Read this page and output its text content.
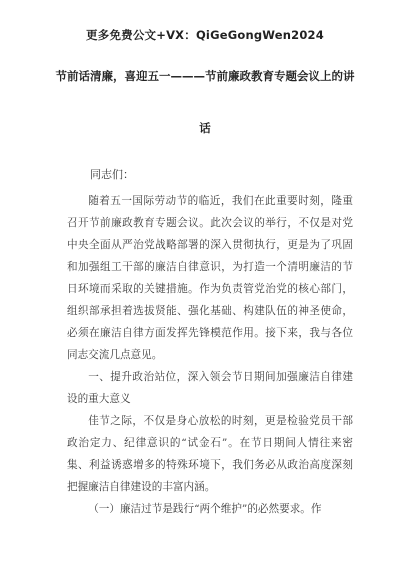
更多免费公文+VX：QiGeGongWen2024
节前话清廉，喜迎五一———节前廉政教育专题会议上的讲
话
同志们：

随着五一国际劳动节的临近，我们在此重要时刻，隆重召开节前廉政教育专题会议。此次会议的举行，不仅是对党中央全面从严治党战略部署的深入贯彻执行，更是为了巩固和加强组工干部的廉洁自律意识，为打造一个清明廉洁的节日环境而采取的关键措施。作为负责管党治党的核心部门，组织部承担着选拔贤能、强化基础、构建队伍的神圣使命，必须在廉洁自律方面发挥先锋模范作用。接下来，我与各位同志交流几点意见。

一、提升政治站位，深入领会节日期间加强廉洁自律建设的重大意义

佳节之际，不仅是身心放松的时刻，更是检验党员干部政治定力、纪律意识的“试金石”。在节日期间人情往来密集、利益诱惑增多的特殊环境下，我们务必从政治高度深刻把握廉洁自律建设的丰富内涵。

（一）廉洁过节是践行“两个维护”的必然要求。作
